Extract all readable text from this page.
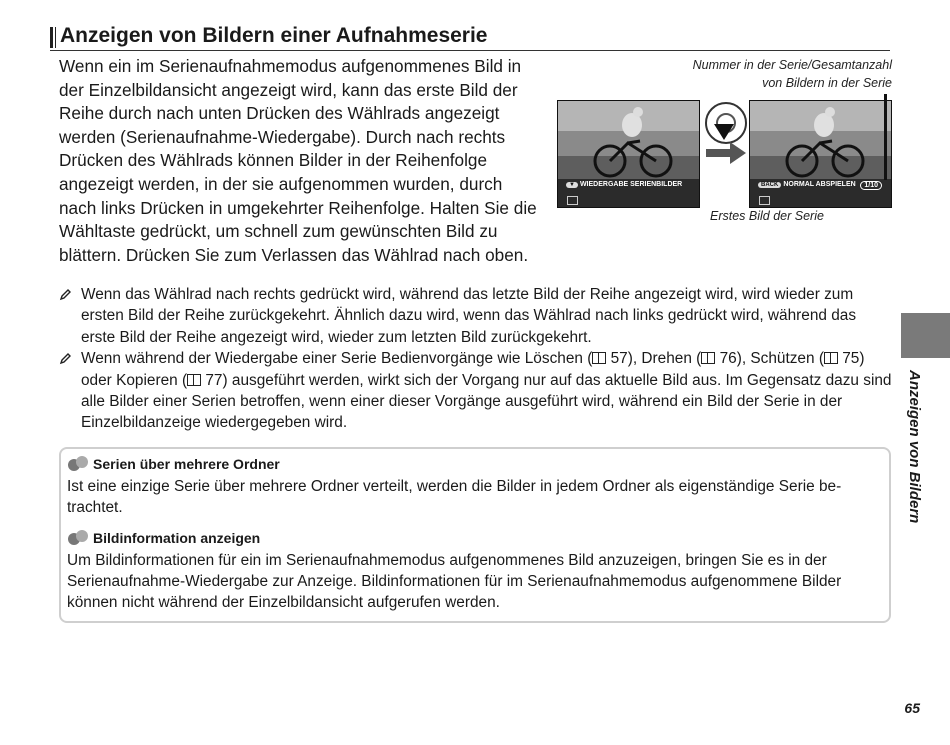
Anzeigen von Bildern einer Aufnahmeserie
Wenn ein im Serienaufnahmemodus aufgenommenes Bild in der Einzelbildansicht angezeigt wird, kann das erste Bild der Reihe durch nach unten Drücken des Wählrads angezeigt werden (Serienaufnahme-Wiedergabe). Durch nach rechts Drücken des Wählrads können Bilder in der Reihenfolge angezeigt werden, in der sie aufgenommen wurden, durch nach links Drücken in umgekehrter Reihenfolge. Halten Sie die Wähltaste gedrückt, um schnell zum gewünschten Bild zu blättern. Drücken Sie zum Verlassen das Wählrad nach oben.
Nummer in der Serie/Gesamtanzahl
von Bildern in der Serie
▼ WIEDERGABE SERIENBILDER	BACK NORMAL ABSPIELEN	1/10
Erstes Bild der Serie
Wenn das Wählrad nach rechts gedrückt wird, während das letzte Bild der Reihe angezeigt wird, wird wieder zum ersten Bild der Reihe zurückgekehrt. Ähnlich dazu wird, wenn das Wählrad nach links gedrückt wird, während das erste Bild der Reihe angezeigt wird, wieder zum letzten Bild zurückgekehrt.
Wenn während der Wiedergabe einer Serie Bedienvorgänge wie Löschen ( 57), Drehen ( 76), Schützen ( 75) oder Kopieren ( 77) ausgeführt werden, wirkt sich der Vorgang nur auf das aktuelle Bild aus. Im Gegensatz dazu sind alle Bilder einer Serien betroffen, wenn einer dieser Vorgänge ausgeführt wird, während ein Bild der Serie in der Einzelbildanzeige wiedergegeben wird.
Serien über mehrere Ordner
Ist eine einzige Serie über mehrere Ordner verteilt, werden die Bilder in jedem Ordner als eigenständige Serie be-trachtet.
Bildinformation anzeigen
Um Bildinformationen für ein im Serienaufnahmemodus aufgenommenes Bild anzuzeigen, bringen Sie es in der Serienaufnahme-Wiedergabe zur Anzeige. Bildinformationen für im Serienaufnahmemodus aufgenommene Bilder können nicht während der Einzelbildansicht aufgerufen werden.
Anzeigen von Bildern
65
